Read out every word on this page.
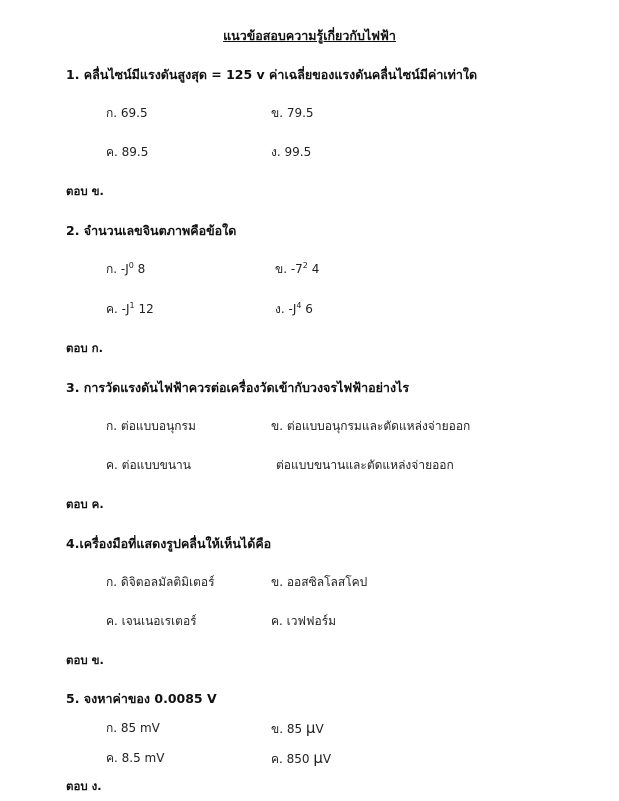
แนวข้อสอบความรู้เกี่ยวกับไฟฟ้า
1. คลื่นไซน์มีแรงดันสูงสุด = 125 v ค่าเฉลี่ยของแรงดันคลื่นไซน์มีค่าเท่าใด
ก. 69.5	ข. 79.5
ค. 89.5	ง. 99.5
ตอบ ข.
2. จำนวนเลขจินตภาพคือข้อใด
ก. $-J^0$ 8	ข. $-7^2$ 4
ค. $-J^1$ 12	ง. $-J^4$ 6
ตอบ ก.
3. การวัดแรงดันไฟฟ้าควรต่อเครื่องวัดเข้ากับวงจรไฟฟ้าอย่างไร
ก. ต่อแบบอนุกรม	ข. ต่อแบบอนุกรมและตัดแหล่งจ่ายออก
ค. ต่อแบบขนาน	ต่อแบบขนานและตัดแหล่งจ่ายออก
ตอบ ค.
4.เครื่องมือที่แสดงรูปคลื่นให้เห็นได้คือ
ก. ดิจิตอลมัลติมิเตอร์	ข. ออสซิลโลสโคป
ค. เจนเนอเรเตอร์	ค. เวฟฟอร์ม
ตอบ ข.
5. จงหาค่าของ 0.0085 V
ก. 85 mV	ข. 85 μV
ค. 8.5 mV	ค. 850 μV
ตอบ ง.
